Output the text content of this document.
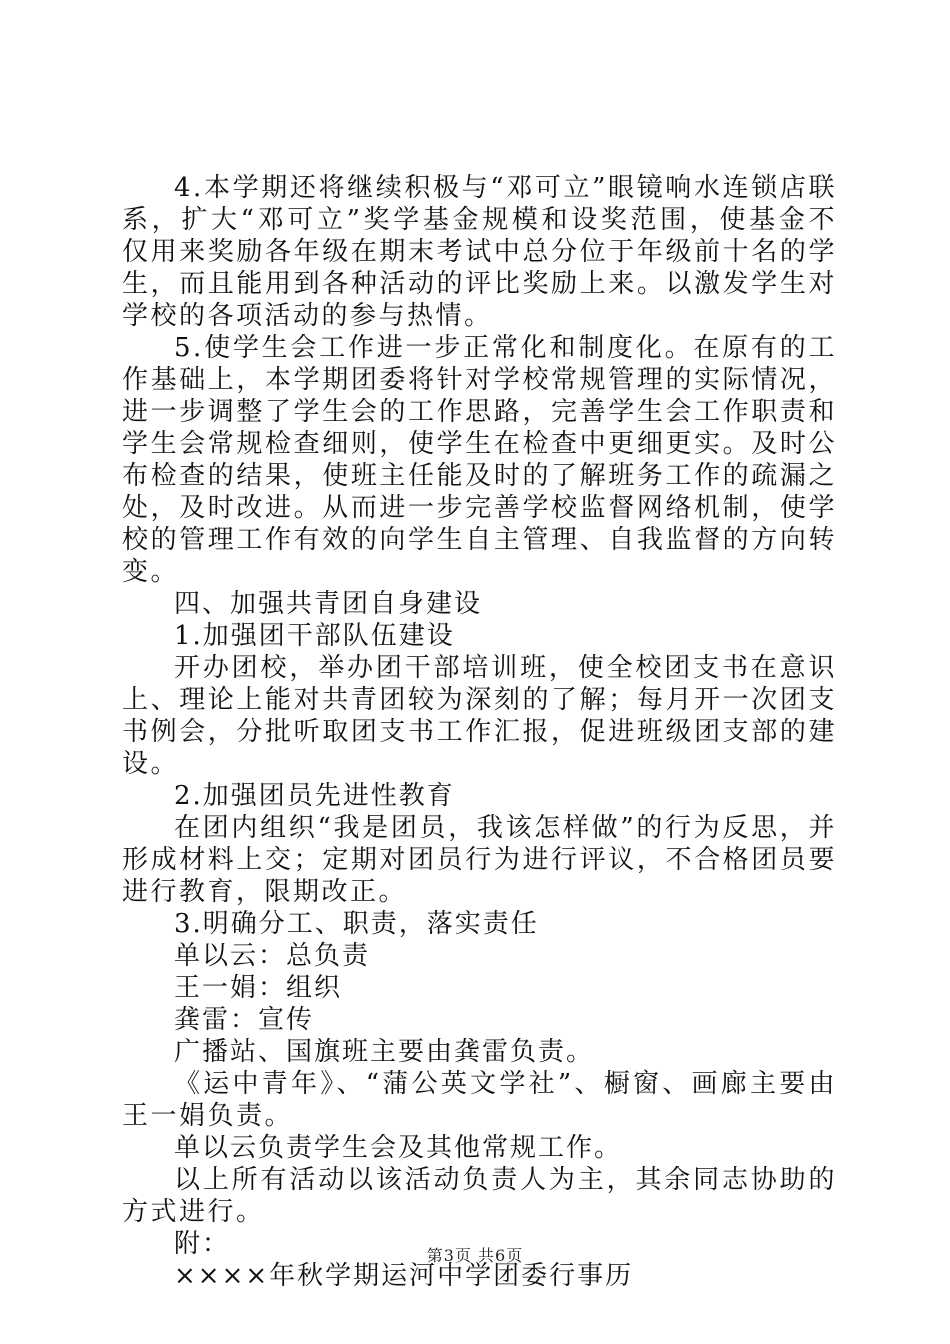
4.本学期还将继续积极与“邓可立”眼镜响水连锁店联系，扩大“邓可立”奖学基金规模和设奖范围，使基金不仅用来奖励各年级在期末考试中总分位于年级前十名的学生，而且能用到各种活动的评比奖励上来。以激发学生对学校的各项活动的参与热情。

5.使学生会工作进一步正常化和制度化。在原有的工作基础上，本学期团委将针对学校常规管理的实际情况，进一步调整了学生会的工作思路，完善学生会工作职责和学生会常规检查细则，使学生在检查中更细更实。及时公布检查的结果，使班主任能及时的了解班务工作的疏漏之处，及时改进。从而进一步完善学校监督网络机制，使学校的管理工作有效的向学生自主管理、自我监督的方向转变。

四、加强共青团自身建设

1.加强团干部队伍建设

开办团校，举办团干部培训班，使全校团支书在意识上、理论上能对共青团较为深刻的了解；每月开一次团支书例会，分批听取团支书工作汇报，促进班级团支部的建设。

2.加强团员先进性教育

在团内组织“我是团员，我该怎样做”的行为反思，并形成材料上交；定期对团员行为进行评议，不合格团员要进行教育，限期改正。

3.明确分工、职责，落实责任

单以云：总负责

王一娟：组织

龚雷：宣传

广播站、国旗班主要由龚雷负责。

《运中青年》、“蒲公英文学社”、橱窗、画廊主要由王一娟负责。

单以云负责学生会及其他常规工作。

以上所有活动以该活动负责人为主，其余同志协助的方式进行。

附：

××××年秋学期运河中学团委行事历

第3页 共6页
